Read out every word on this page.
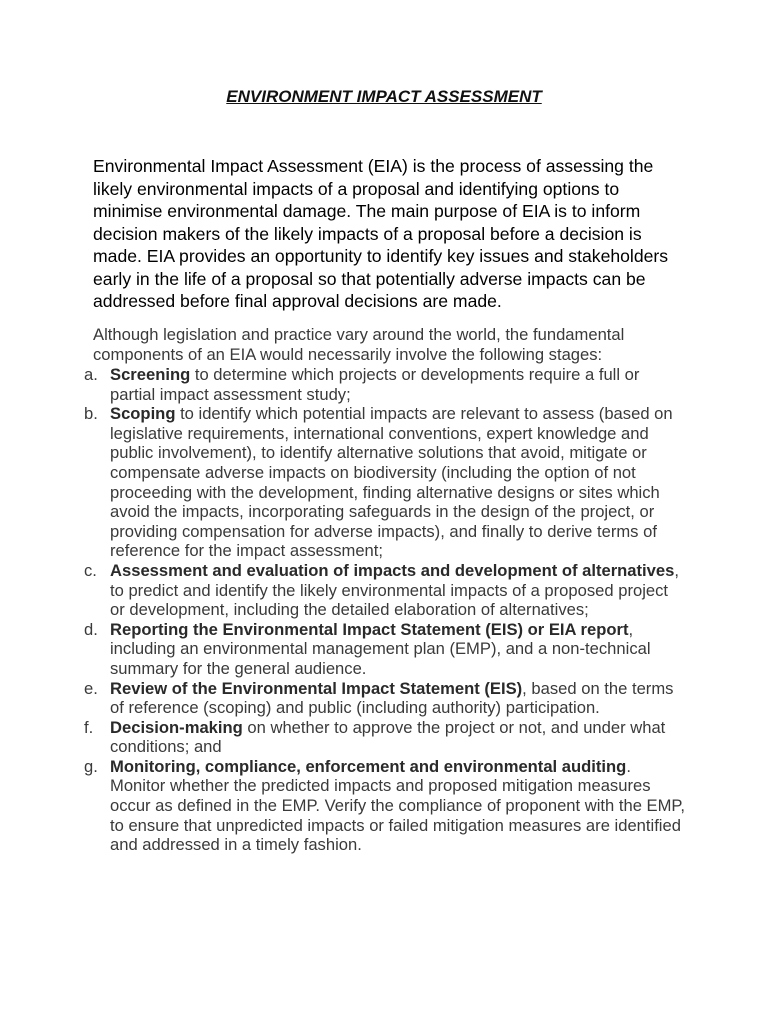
ENVIRONMENT IMPACT ASSESSMENT

Environmental Impact Assessment (EIA) is the process of assessing the likely environmental impacts of a proposal and identifying options to minimise environmental damage. The main purpose of EIA is to inform decision makers of the likely impacts of a proposal before a decision is made. EIA provides an opportunity to identify key issues and stakeholders early in the life of a proposal so that potentially adverse impacts can be addressed before final approval decisions are made.

Although legislation and practice vary around the world, the fundamental components of an EIA would necessarily involve the following stages:

a. Screening to determine which projects or developments require a full or partial impact assessment study;
b. Scoping to identify which potential impacts are relevant to assess (based on legislative requirements, international conventions, expert knowledge and public involvement), to identify alternative solutions that avoid, mitigate or compensate adverse impacts on biodiversity (including the option of not proceeding with the development, finding alternative designs or sites which avoid the impacts, incorporating safeguards in the design of the project, or providing compensation for adverse impacts), and finally to derive terms of reference for the impact assessment;
c. Assessment and evaluation of impacts and development of alternatives, to predict and identify the likely environmental impacts of a proposed project or development, including the detailed elaboration of alternatives;
d. Reporting the Environmental Impact Statement (EIS) or EIA report, including an environmental management plan (EMP), and a non-technical summary for the general audience.
e. Review of the Environmental Impact Statement (EIS), based on the terms of reference (scoping) and public (including authority) participation.
f.	Decision-making on whether to approve the project or not, and under what conditions; and
g. Monitoring, compliance, enforcement and environmental auditing. Monitor whether the predicted impacts and proposed mitigation measures occur as defined in the EMP. Verify the compliance of proponent with the EMP, to ensure that unpredicted impacts or failed mitigation measures are identified and addressed in a timely fashion.
